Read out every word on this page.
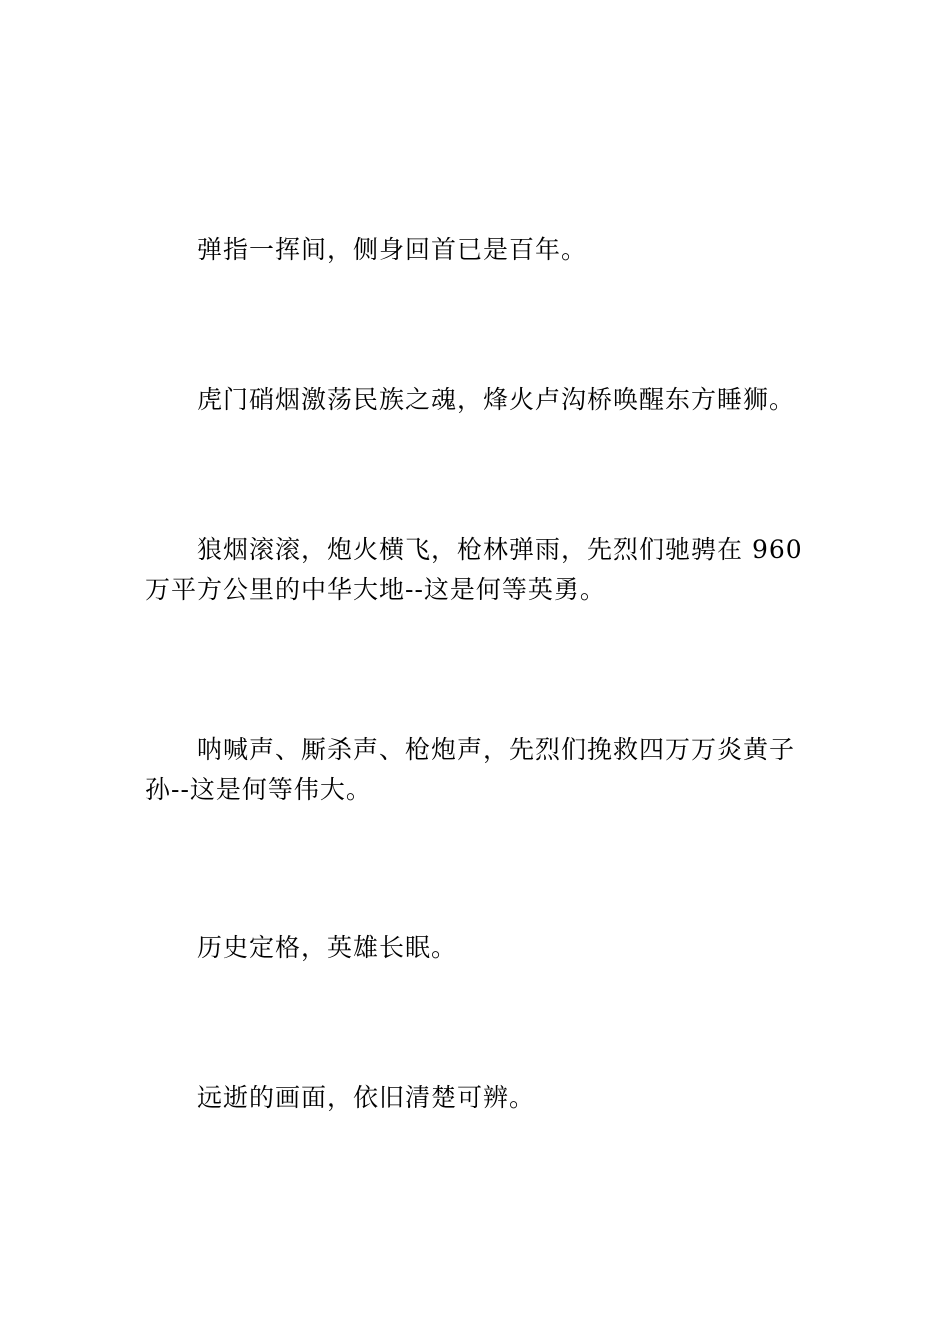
弹指一挥间，侧身回首已是百年。

虎门硝烟激荡民族之魂，烽火卢沟桥唤醒东方睡狮。

狼烟滚滚，炮火横飞，枪林弹雨，先烈们驰骋在 960 万平方公里的中华大地--这是何等英勇。

呐喊声、厮杀声、枪炮声，先烈们挽救四万万炎黄子孙--这是何等伟大。

历史定格，英雄长眠。

远逝的画面，依旧清楚可辨。
